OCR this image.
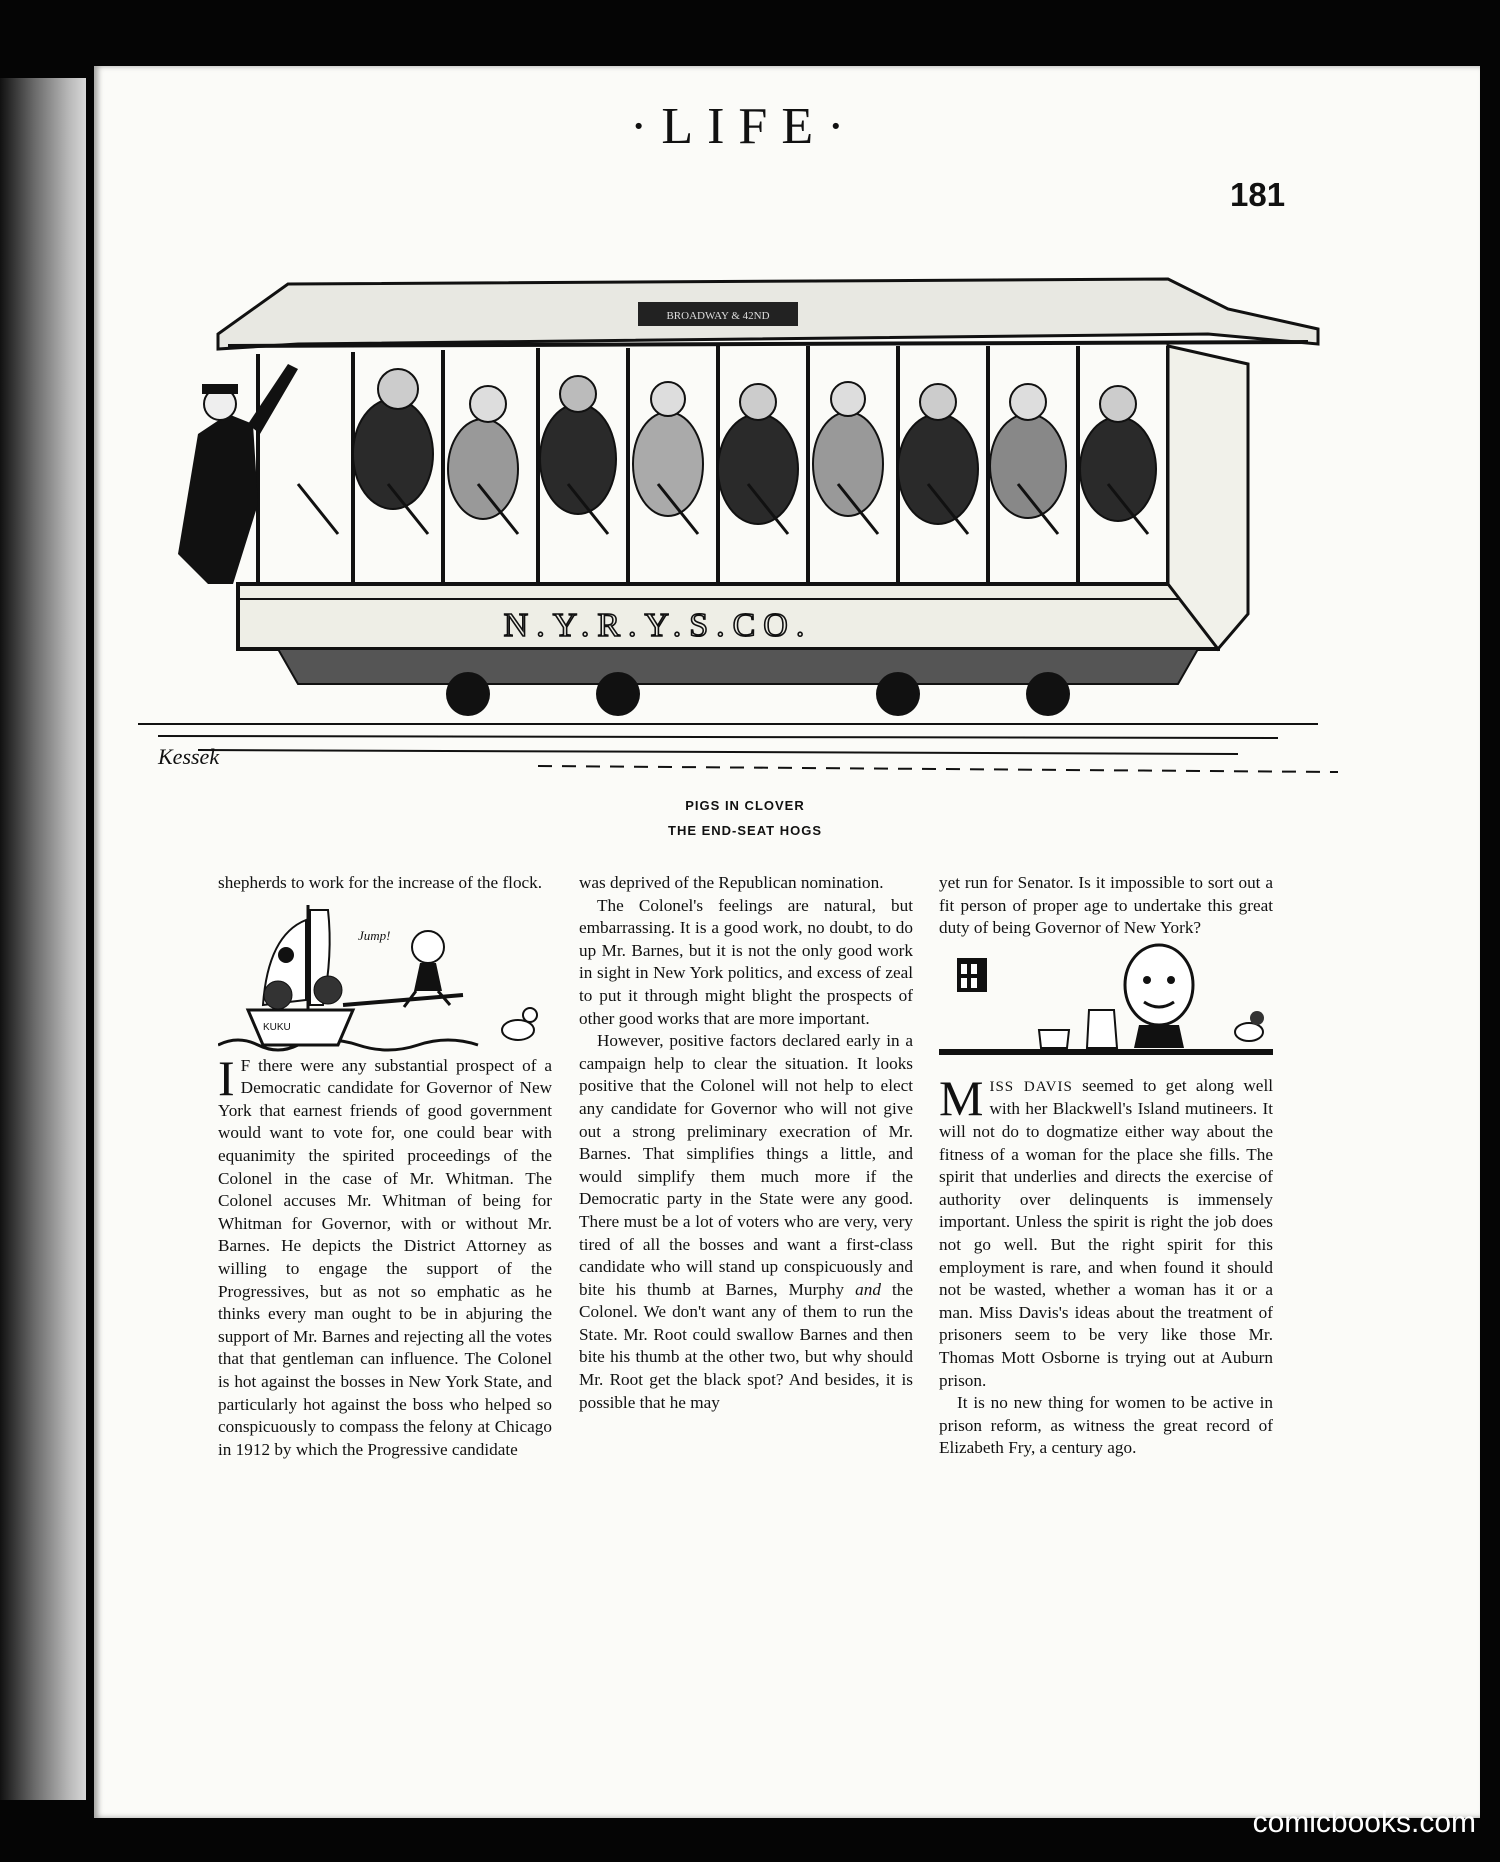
·LIFE·
181
BROADWAY & 42ND
N.Y.R.Y.S.CO.
Kessek
PIGS IN CLOVER
THE END-SEAT HOGS

shepherds to work for the increase of the flock.

KUKU
Jump!

I F there were any substantial prospect of a Democratic candidate for Governor of New York that earnest friends of good government would want to vote for, one could bear with equanimity the spirited proceedings of the Colonel in the case of Mr. Whitman. The Colonel accuses Mr. Whitman of being for Whitman for Governor, with or without Mr. Barnes. He depicts the District Attorney as willing to engage the support of the Progressives, but as not so emphatic as he thinks every man ought to be in abjuring the support of Mr. Barnes and rejecting all the votes that that gentleman can influence. The Colonel is hot against the bosses in New York State, and particularly hot against the boss who helped so conspicuously to compass the felony at Chicago in 1912 by which the Progressive candidate

was deprived of the Republican nomination.

The Colonel's feelings are natural, but embarrassing. It is a good work, no doubt, to do up Mr. Barnes, but it is not the only good work in sight in New York politics, and excess of zeal to put it through might blight the prospects of other good works that are more important.

However, positive factors declared early in a campaign help to clear the situation. It looks positive that the Colonel will not help to elect any candidate for Governor who will not give out a strong preliminary execration of Mr. Barnes. That simplifies things a little, and would simplify them much more if the Democratic party in the State were any good. There must be a lot of voters who are very, very tired of all the bosses and want a first-class candidate who will stand up conspicuously and bite his thumb at Barnes, Murphy and the Colonel. We don't want any of them to run the State. Mr. Root could swallow Barnes and then bite his thumb at the other two, but why should Mr. Root get the black spot? And besides, it is possible that he may

yet run for Senator. Is it impossible to sort out a fit person of proper age to undertake this great duty of being Governor of New York?

MISS DAVIS seemed to get along well with her Blackwell's Island mutineers. It will not do to dogmatize either way about the fitness of a woman for the place she fills. The spirit that underlies and directs the exercise of authority over delinquents is immensely important. Unless the spirit is right the job does not go well. But the right spirit for this employment is rare, and when found it should not be wasted, whether a woman has it or a man. Miss Davis's ideas about the treatment of prisoners seem to be very like those Mr. Thomas Mott Osborne is trying out at Auburn prison.

It is no new thing for women to be active in prison reform, as witness the great record of Elizabeth Fry, a century ago.

comicbooks.com
